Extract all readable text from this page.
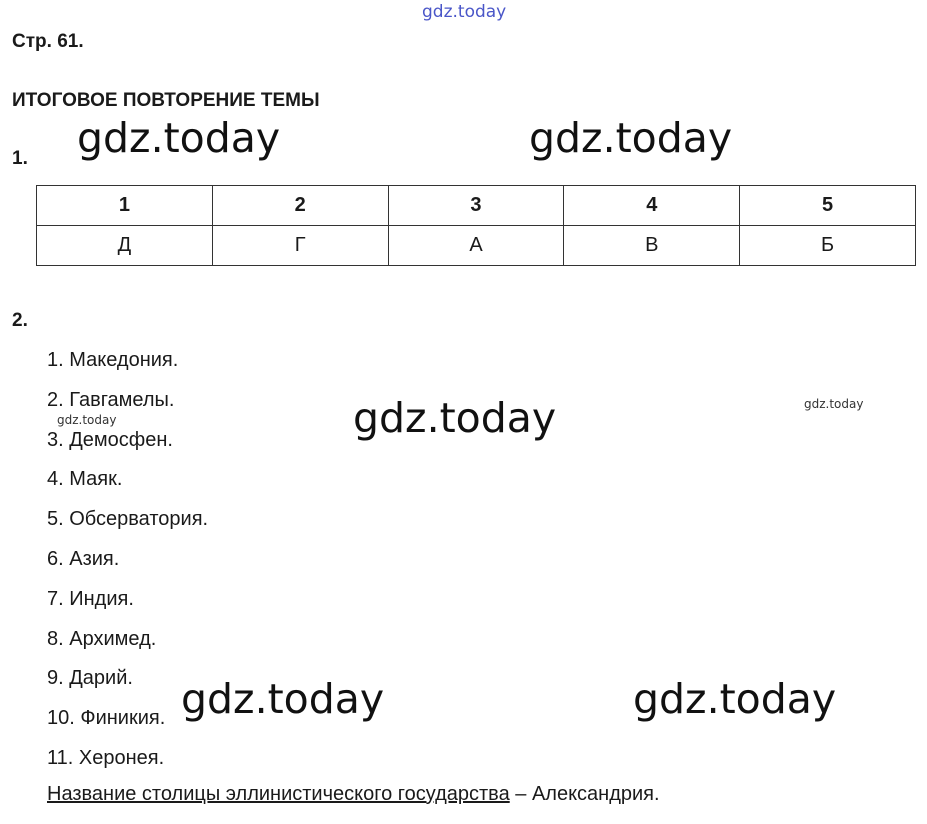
gdz.today
gdz.today	gdz.today
gdz.today
gdz.today
gdz.today
gdz.today	gdz.today
Стр. 61.
ИТОГОВОЕ ПОВТОРЕНИЕ ТЕМЫ
1.
1	2	3	4	5
Д	Г	А	В	Б
2.
1. Македония.
2. Гавгамелы.
3. Демосфен.
4. Маяк.
5. Обсерватория.
6. Азия.
7. Индия.
8. Архимед.
9. Дарий.
10. Финикия.
11. Херонея.
Название столицы эллинистического государства – Александрия.
